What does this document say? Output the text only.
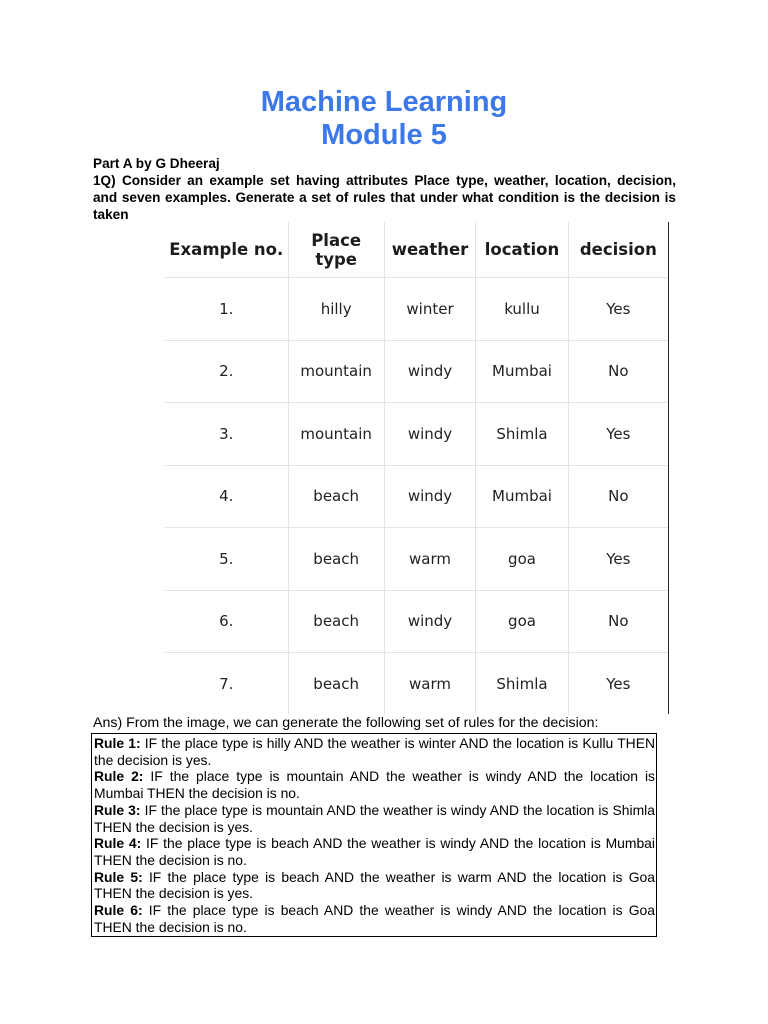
Machine Learning
Module 5
Part A by G Dheeraj
1Q) Consider an example set having attributes Place type, weather, location, decision, and seven examples. Generate a set of rules that under what condition is the decision is taken
Example no.	Place type	weather	location	decision
1.	hilly	winter	kullu	Yes
2.	mountain	windy	Mumbai	No
3.	mountain	windy	Shimla	Yes
4.	beach	windy	Mumbai	No
5.	beach	warm	goa	Yes
6.	beach	windy	goa	No
7.	beach	warm	Shimla	Yes
Ans) From the image, we can generate the following set of rules for the decision:
Rule 1: IF the place type is hilly AND the weather is winter AND the location is Kullu THEN the decision is yes.
Rule 2: IF the place type is mountain AND the weather is windy AND the location is Mumbai THEN the decision is no.
Rule 3: IF the place type is mountain AND the weather is windy AND the location is Shimla THEN the decision is yes.
Rule 4: IF the place type is beach AND the weather is windy AND the location is Mumbai THEN the decision is no.
Rule 5: IF the place type is beach AND the weather is warm AND the location is Goa THEN the decision is yes.
Rule 6: IF the place type is beach AND the weather is windy AND the location is Goa THEN the decision is no.
